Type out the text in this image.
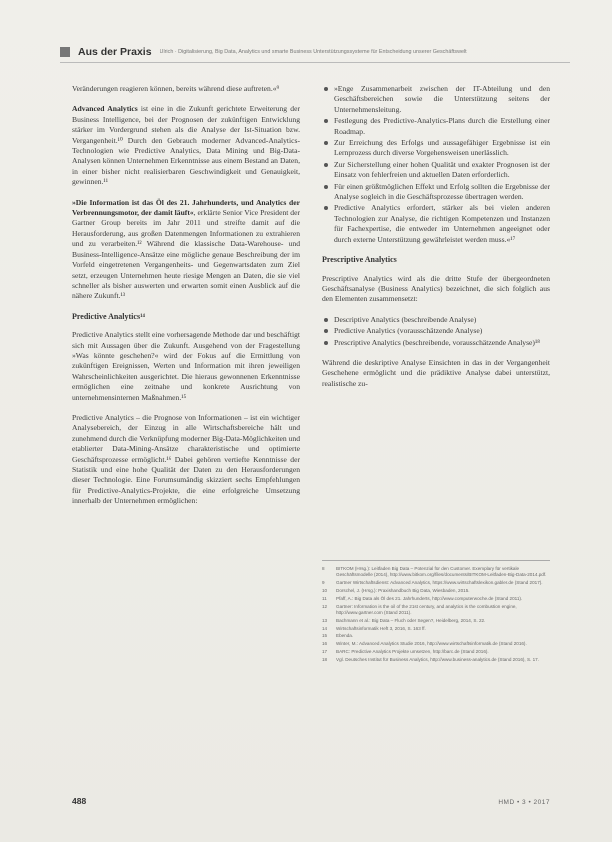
Aus der Praxis Ulrich · Digitalisierung, Big Data, Analytics und smarte Business Unterstützungssysteme für Entscheidung unserer Geschäftswelt

Veränderungen reagieren können, bereits während diese auftreten.«⁹

Advanced Analytics ist eine in die Zukunft gerichtete Erweiterung der Business Intelligence, bei der Prognosen der zukünftigen Entwicklung stärker im Vordergrund stehen als die Analyse der Ist-Situation bzw. Vergangenheit.¹⁰ Durch den Gebrauch moderner Advanced-Analytics-Technologien wie Predictive Analytics, Data Mining und Big-Data-Analysen können Unternehmen Erkenntnisse aus einem Bestand an Daten, in einer bisher nicht realisierbaren Geschwindigkeit und Genauigkeit, gewinnen.¹¹

»Die Information ist das Öl des 21. Jahrhunderts, und Analytics der Verbrennungsmotor, der damit läuft«, erklärte Senior Vice President der Gartner Group bereits im Jahr 2011 und streifte damit auf die Herausforderung, aus großen Datenmengen Informationen zu extrahieren und zu verarbeiten.¹² Während die klassische Data-Warehouse- und Business-Intelligence-Ansätze eine mögliche genaue Beschreibung der im Vorfeld eingetretenen Vergangenheits- und Gegenwartsdaten zum Ziel setzt, erzeugen Unternehmen heute riesige Mengen an Daten, die sie viel schneller als bisher auswerten und erwarten somit einen Ausblick auf die nähere Zukunft.¹³

Predictive Analytics¹⁴

Predictive Analytics stellt eine vorhersagende Methode dar und beschäftigt sich mit Aussagen über die Zukunft. Ausgehend von der Fragestellung »Was könnte geschehen?« wird der Fokus auf die Ermittlung von zukünftigen Ereignissen, Werten und Information mit ihren jeweiligen Wahrscheinlichkeiten ausgerichtet. Die hieraus gewonnenen Erkenntnisse ermöglichen eine zeitnahe und konkrete Ausrichtung von unternehmensinternen Maßnahmen.¹⁵

Predictive Analytics – die Prognose von Informationen – ist ein wichtiger Analysebereich, der Einzug in alle Wirtschaftsbereiche hält und zunehmend durch die Verknüpfung moderner Big-Data-Möglichkeiten und etablierter Data-Mining-Ansätze charakteristische und optimierte Geschäftsprozesse ermöglicht.¹⁶ Dabei gehören vertiefte Kenntnisse der Statistik und eine hohe Qualität der Daten zu den Herausforderungen dieser Technologie. Eine Forumsumändig skizziert sechs Empfehlungen für Predictive-Analytics-Projekte, die eine erfolgreiche Umsetzung innerhalb der Unternehmen ermöglichen:

»Enge Zusammenarbeit zwischen der IT-Abteilung und den Geschäftsbereichen sowie die Unterstützung seitens der Unternehmensleitung.
Festlegung des Predictive-Analytics-Plans durch die Erstellung einer Roadmap.
Zur Erreichung des Erfolgs und aussagefähiger Ergebnisse ist ein Lernprozess durch diverse Vorgehensweisen unerlässlich.
Zur Sicherstellung einer hohen Qualität und exakter Prognosen ist der Einsatz von fehlerfreien und aktuellen Daten erforderlich.
Für einen größtmöglichen Effekt und Erfolg sollten die Ergebnisse der Analyse sogleich in die Geschäftsprozesse übertragen werden.
Predictive Analytics erfordert, stärker als bei vielen anderen Technologien zur Analyse, die richtigen Kompetenzen und Instanzen für Fachexpertise, die entweder im Unternehmen angeeignet oder durch externe Unterstützung gewährleistet werden muss.«¹⁷
Prescriptive Analytics

Prescriptive Analytics wird als die dritte Stufe der übergeordneten Geschäftsanalyse (Business Analytics) bezeichnet, die sich folglich aus den Elementen zusammensetzt:

Descriptive Analytics (beschreibende Analyse)
Predictive Analytics (vorausschätzende Analyse)
Prescriptive Analytics (beschreibende, vorausschätzende Analyse)¹⁸

Während die deskriptive Analyse Einsichten in das in der Vergangenheit Geschehene ermöglicht und die prädiktive Analyse dabei unterstützt, realistische zu-

8	BITKOM (Hrsg.): Leitfaden Big Data – Potenzial für den Customer. Exemplary für vertikale Geschäftsmodelle (2014), http://www.bitkom.org/files/documents/BITKOM-Leitfaden-Big-Data-2014.pdf.
9	Gartner Wirtschaftsdienst: Advanced Analytics, https://www.wirtschaftslexikon.gabler.de (Stand 2017).
10	Dorschel, J. (Hrsg.): Praxishandbuch Big Data, Wiesbaden, 2015.
11	Pfaff, A.: Big Data als Öl des 21. Jahrhunderts, http://www.computerwoche.de (Stand 2011).
12	Gartner: Information is the oil of the 21st century, and analytics is the combustion engine, http://www.gartner.com (Stand 2011).
13	Bachmann et al.: Big Data – Fluch oder Segen?, Heidelberg, 2014, S. 22.
14	Wirtschaftsinformatik Heft 3, 2016, S. 163 ff.
15	Ebenda.
16	Winter, M.: Advanced Analytics Studie 2016, http://www.wirtschaftsinformatik.de (Stand 2016).
17	BARC: Predictive Analytics Projekte umsetzen, http://barc.de (Stand 2016).
18	Vgl. Deutsches Institut für Business Analytics, http://www.business-analytics.de (Stand 2016), S. 17.
488	HMD • 3 • 2017
